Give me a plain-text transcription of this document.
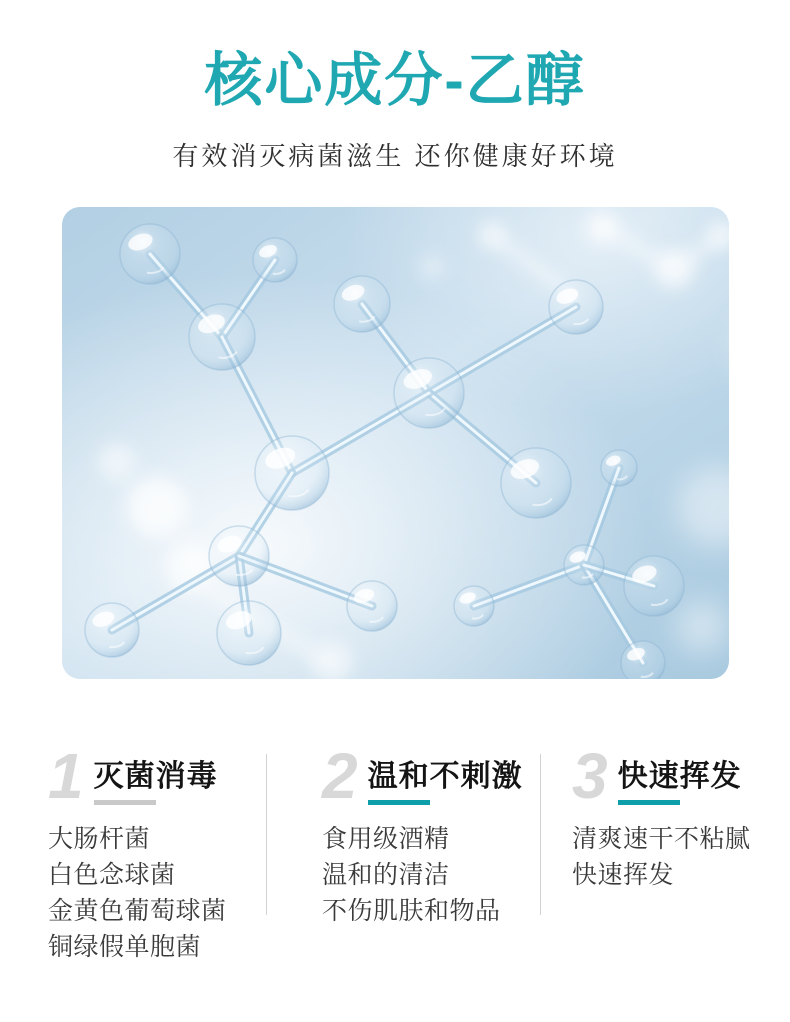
核心成分-乙醇
有效消灭病菌滋生 还你健康好环境
1 灭菌消毒
大肠杆菌
白色念球菌
金黄色葡萄球菌
铜绿假单胞菌
2 温和不刺激
食用级酒精
温和的清洁
不伤肌肤和物品
3 快速挥发
清爽速干不粘腻
快速挥发
